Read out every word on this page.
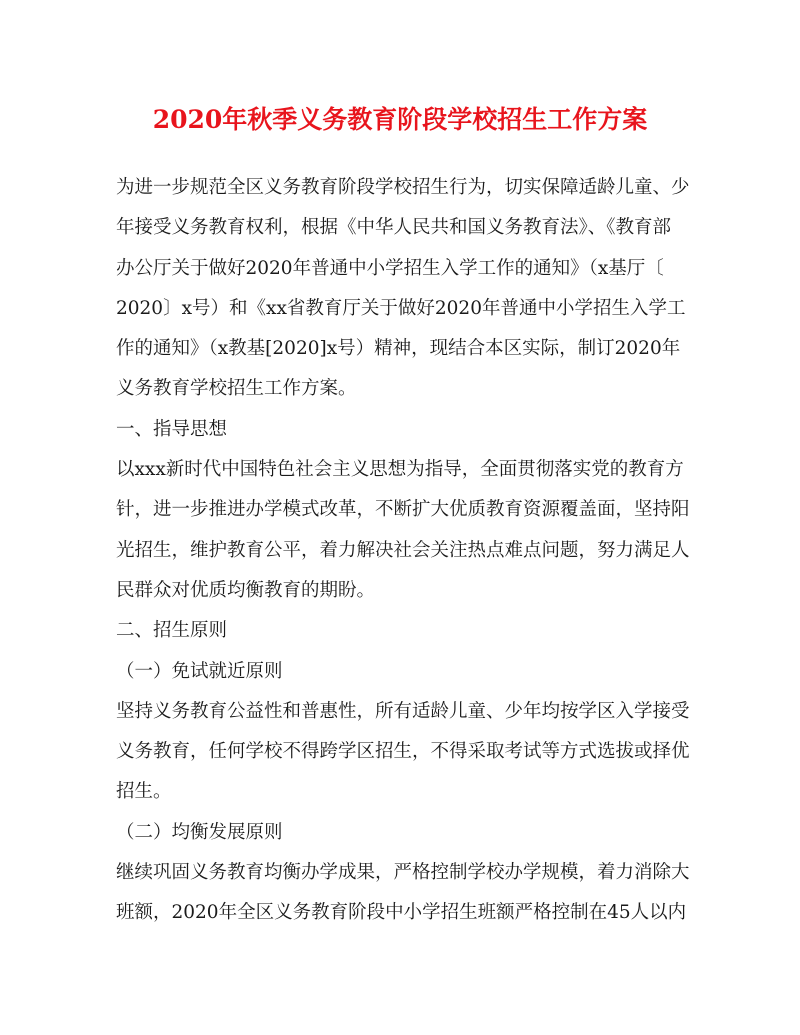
2020年秋季义务教育阶段学校招生工作方案
为进一步规范全区义务教育阶段学校招生行为，切实保障适龄儿童、少
年接受义务教育权利，根据《中华人民共和国义务教育法》、《教育部
办公厅关于做好2020年普通中小学招生入学工作的通知》（x基厅〔
2020〕x号）和《xx省教育厅关于做好2020年普通中小学招生入学工
作的通知》（x教基[2020]x号）精神，现结合本区实际，制订2020年
义务教育学校招生工作方案。
一、指导思想
以xxx新时代中国特色社会主义思想为指导，全面贯彻落实党的教育方
针，进一步推进办学模式改革，不断扩大优质教育资源覆盖面，坚持阳
光招生，维护教育公平，着力解决社会关注热点难点问题，努力满足人
民群众对优质均衡教育的期盼。
二、招生原则
（一）免试就近原则
坚持义务教育公益性和普惠性，所有适龄儿童、少年均按学区入学接受
义务教育，任何学校不得跨学区招生，不得采取考试等方式选拔或择优
招生。
（二）均衡发展原则
继续巩固义务教育均衡办学成果，严格控制学校办学规模，着力消除大
班额，2020年全区义务教育阶段中小学招生班额严格控制在45人以内
